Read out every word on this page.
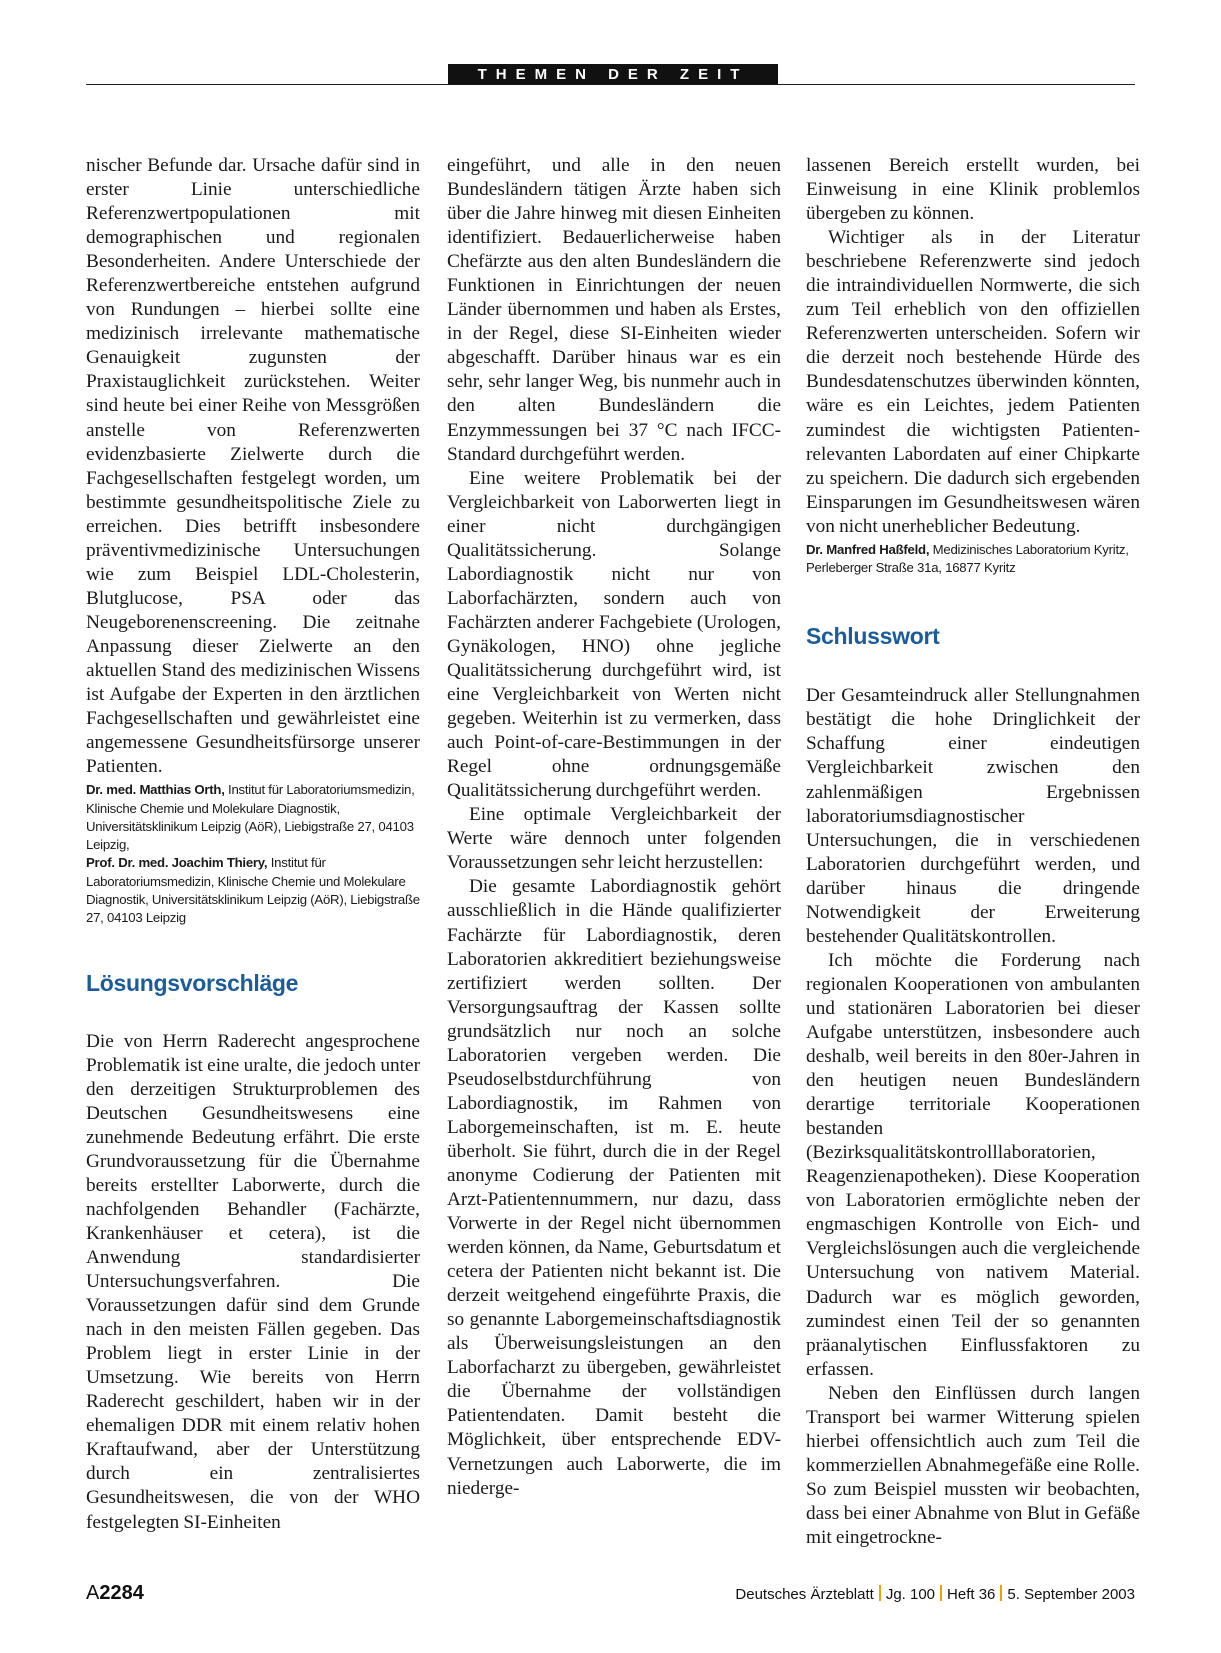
THEMEN DER ZEIT

nischer Befunde dar. Ursache dafür sind in erster Linie unterschiedliche Referenzwertpopulationen mit demographischen und regionalen Besonderheiten. Andere Unterschiede der Referenzwertbereiche entstehen aufgrund von Rundungen – hierbei sollte eine medizinisch irrelevante mathematische Genauigkeit zugunsten der Praxistauglichkeit zurückstehen. Weiter sind heute bei einer Reihe von Messgrößen anstelle von Referenzwerten evidenzbasierte Zielwerte durch die Fachgesellschaften festgelegt worden, um bestimmte gesundheitspolitische Ziele zu erreichen. Dies betrifft insbesondere präventivmedizinische Untersuchungen wie zum Beispiel LDL-Cholesterin, Blutglucose, PSA oder das Neugeborenenscreening. Die zeitnahe Anpassung dieser Zielwerte an den aktuellen Stand des medizinischen Wissens ist Aufgabe der Experten in den ärztlichen Fachgesellschaften und gewährleistet eine angemessene Gesundheitsfürsorge unserer Patienten.

Dr. med. Matthias Orth, Institut für Laboratoriumsmedizin, Klinische Chemie und Molekulare Diagnostik, Universitätsklinikum Leipzig (AöR), Liebigstraße 27, 04103 Leipzig,
Prof. Dr. med. Joachim Thiery, Institut für Laboratoriumsmedizin, Klinische Chemie und Molekulare Diagnostik, Universitätsklinikum Leipzig (AöR), Liebigstraße 27, 04103 Leipzig
Lösungsvorschläge

Die von Herrn Raderecht angesprochene Problematik ist eine uralte, die jedoch unter den derzeitigen Strukturproblemen des Deutschen Gesundheitswesens eine zunehmende Bedeutung erfährt. Die erste Grundvoraussetzung für die Übernahme bereits erstellter Laborwerte, durch die nachfolgenden Behandler (Fachärzte, Krankenhäuser et cetera), ist die Anwendung standardisierter Untersuchungsverfahren. Die Voraussetzungen dafür sind dem Grunde nach in den meisten Fällen gegeben. Das Problem liegt in erster Linie in der Umsetzung. Wie bereits von Herrn Raderecht geschildert, haben wir in der ehemaligen DDR mit einem relativ hohen Kraftaufwand, aber der Unterstützung durch ein zentralisiertes Gesundheitswesen, die von der WHO festgelegten SI-Einheiten

eingeführt, und alle in den neuen Bundesländern tätigen Ärzte haben sich über die Jahre hinweg mit diesen Einheiten identifiziert. Bedauerlicherweise haben Chefärzte aus den alten Bundesländern die Funktionen in Einrichtungen der neuen Länder übernommen und haben als Erstes, in der Regel, diese SI-Einheiten wieder abgeschafft. Darüber hinaus war es ein sehr, sehr langer Weg, bis nunmehr auch in den alten Bundesländern die Enzymmessungen bei 37 °C nach IFCC-Standard durchgeführt werden.

Eine weitere Problematik bei der Vergleichbarkeit von Laborwerten liegt in einer nicht durchgängigen Qualitätssicherung. Solange Labordiagnostik nicht nur von Laborfachärzten, sondern auch von Fachärzten anderer Fachgebiete (Urologen, Gynäkologen, HNO) ohne jegliche Qualitätssicherung durchgeführt wird, ist eine Vergleichbarkeit von Werten nicht gegeben. Weiterhin ist zu vermerken, dass auch Point-of-care-Bestimmungen in der Regel ohne ordnungsgemäße Qualitätssicherung durchgeführt werden.

Eine optimale Vergleichbarkeit der Werte wäre dennoch unter folgenden Voraussetzungen sehr leicht herzustellen:

Die gesamte Labordiagnostik gehört ausschließlich in die Hände qualifizierter Fachärzte für Labordiagnostik, deren Laboratorien akkreditiert beziehungsweise zertifiziert werden sollten. Der Versorgungsauftrag der Kassen sollte grundsätzlich nur noch an solche Laboratorien vergeben werden. Die Pseudoselbstdurchführung von Labordiagnostik, im Rahmen von Laborgemeinschaften, ist m. E. heute überholt. Sie führt, durch die in der Regel anonyme Codierung der Patienten mit Arzt-Patientennummern, nur dazu, dass Vorwerte in der Regel nicht übernommen werden können, da Name, Geburtsdatum et cetera der Patienten nicht bekannt ist. Die derzeit weitgehend eingeführte Praxis, die so genannte Laborgemeinschaftsdiagnostik als Überweisungsleistungen an den Laborfacharzt zu übergeben, gewährleistet die Übernahme der vollständigen Patientendaten. Damit besteht die Möglichkeit, über entsprechende EDV-Vernetzungen auch Laborwerte, die im niederge-

lassenen Bereich erstellt wurden, bei Einweisung in eine Klinik problemlos übergeben zu können.

Wichtiger als in der Literatur beschriebene Referenzwerte sind jedoch die intraindividuellen Normwerte, die sich zum Teil erheblich von den offiziellen Referenzwerten unterscheiden. Sofern wir die derzeit noch bestehende Hürde des Bundesdatenschutzes überwinden könnten, wäre es ein Leichtes, jedem Patienten zumindest die wichtigsten Patienten-relevanten Labordaten auf einer Chipkarte zu speichern. Die dadurch sich ergebenden Einsparungen im Gesundheitswesen wären von nicht unerheblicher Bedeutung.

Dr. Manfred Haßfeld, Medizinisches Laboratorium Kyritz, Perleberger Straße 31a, 16877 Kyritz
Schlusswort

Der Gesamteindruck aller Stellungnahmen bestätigt die hohe Dringlichkeit der Schaffung einer eindeutigen Vergleichbarkeit zwischen den zahlenmäßigen Ergebnissen laboratoriumsdiagnostischer Untersuchungen, die in verschiedenen Laboratorien durchgeführt werden, und darüber hinaus die dringende Notwendigkeit der Erweiterung bestehender Qualitätskontrollen.

Ich möchte die Forderung nach regionalen Kooperationen von ambulanten und stationären Laboratorien bei dieser Aufgabe unterstützen, insbesondere auch deshalb, weil bereits in den 80er-Jahren in den heutigen neuen Bundesländern derartige territoriale Kooperationen bestanden (Bezirksqualitätskontrolllaboratorien, Reagenzienapotheken). Diese Kooperation von Laboratorien ermöglichte neben der engmaschigen Kontrolle von Eich- und Vergleichslösungen auch die vergleichende Untersuchung von nativem Material. Dadurch war es möglich geworden, zumindest einen Teil der so genannten präanalytischen Einflussfaktoren zu erfassen.

Neben den Einflüssen durch langen Transport bei warmer Witterung spielen hierbei offensichtlich auch zum Teil die kommerziellen Abnahmegefäße eine Rolle. So zum Beispiel mussten wir beobachten, dass bei einer Abnahme von Blut in Gefäße mit eingetrockne-

A2284	Deutsches Ärzteblatt Jg. 100 Heft 36 5. September 2003
